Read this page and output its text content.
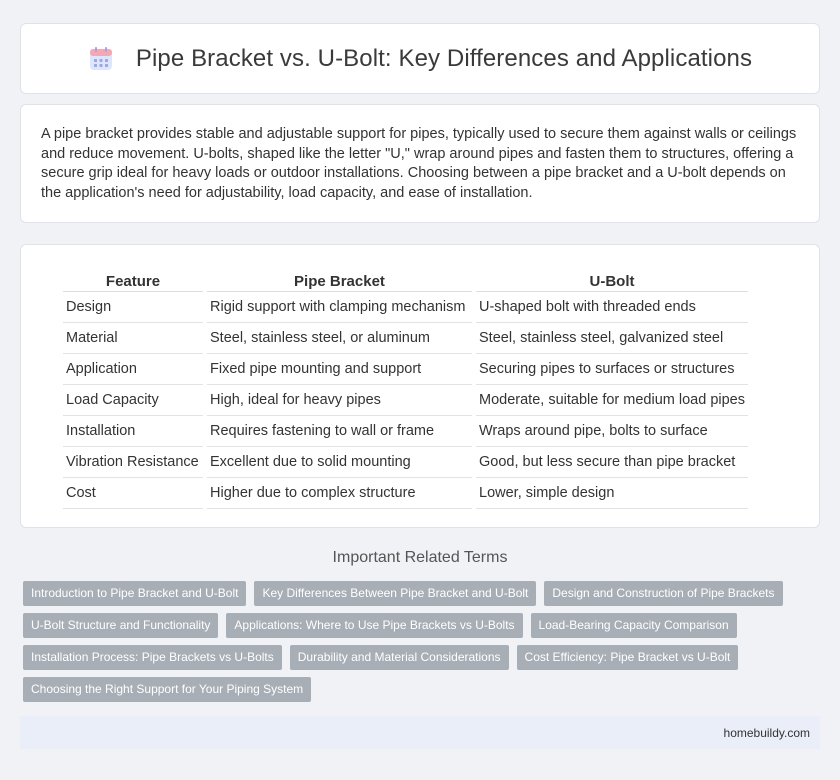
Pipe Bracket vs. U-Bolt: Key Differences and Applications

A pipe bracket provides stable and adjustable support for pipes, typically used to secure them against walls or ceilings and reduce movement. U-bolts, shaped like the letter "U," wrap around pipes and fasten them to structures, offering a secure grip ideal for heavy loads or outdoor installations. Choosing between a pipe bracket and a U-bolt depends on the application's need for adjustability, load capacity, and ease of installation.

Feature	Pipe Bracket	U-Bolt
Design	Rigid support with clamping mechanism	U-shaped bolt with threaded ends
Material	Steel, stainless steel, or aluminum	Steel, stainless steel, galvanized steel
Application	Fixed pipe mounting and support	Securing pipes to surfaces or structures
Load Capacity	High, ideal for heavy pipes	Moderate, suitable for medium load pipes
Installation	Requires fastening to wall or frame	Wraps around pipe, bolts to surface
Vibration Resistance	Excellent due to solid mounting	Good, but less secure than pipe bracket
Cost	Higher due to complex structure	Lower, simple design
Important Related Terms
Introduction to Pipe Bracket and U-Bolt	Key Differences Between Pipe Bracket and U-Bolt	Design and Construction of Pipe Brackets
U-Bolt Structure and Functionality	Applications: Where to Use Pipe Brackets vs U-Bolts	Load-Bearing Capacity Comparison
Installation Process: Pipe Brackets vs U-Bolts	Durability and Material Considerations	Cost Efficiency: Pipe Bracket vs U-Bolt
Choosing the Right Support for Your Piping System
homebuildy.com
